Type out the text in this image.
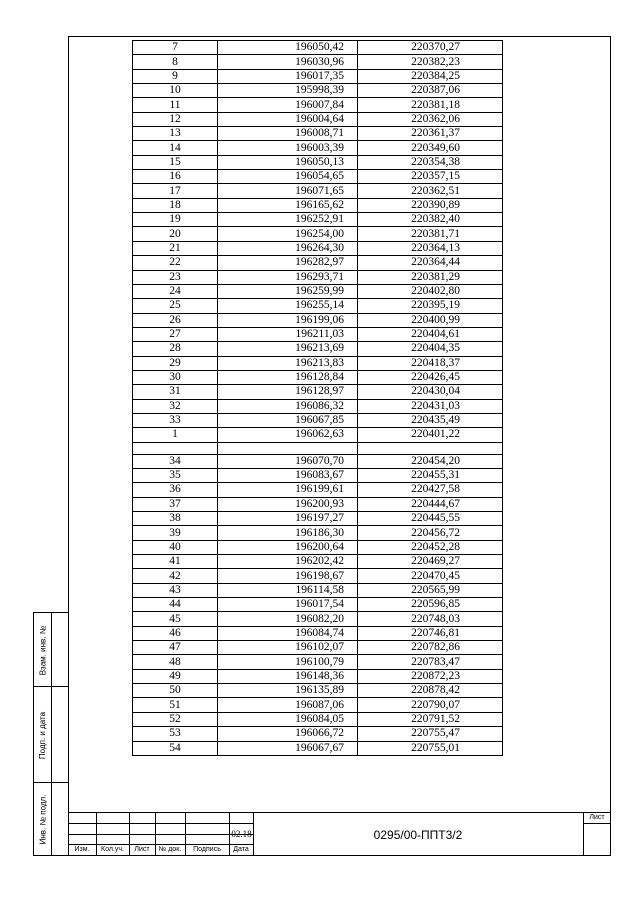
7	196050,42	220370,27
8	196030,96	220382,23
9	196017,35	220384,25
10	195998,39	220387,06
11	196007,84	220381,18
12	196004,64	220362,06
13	196008,71	220361,37
14	196003,39	220349,60
15	196050,13	220354,38
16	196054,65	220357,15
17	196071,65	220362,51
18	196165,62	220390,89
19	196252,91	220382,40
20	196254,00	220381,71
21	196264,30	220364,13
22	196282,97	220364,44
23	196293,71	220381,29
24	196259,99	220402,80
25	196255,14	220395,19
26	196199,06	220400,99
27	196211,03	220404,61
28	196213,69	220404,35
29	196213,83	220418,37
30	196128,84	220426,45
31	196128,97	220430,04
32	196086,32	220431,03
33	196067,85	220435,49
1	196062,63	220401,22

34	196070,70	220454,20
35	196083,67	220455,31
36	196199,61	220427,58
37	196200,93	220444,67
38	196197,27	220445,55
39	196186,30	220456,72
40	196200,64	220452,28
41	196202,42	220469,27
42	196198,67	220470,45
43	196114,58	220565,99
44	196017,54	220596,85
45	196082,20	220748,03
46	196084,74	220746,81
47	196102,07	220782,86
48	196100,79	220783,47
49	196148,36	220872,23
50	196135,89	220878,42
51	196087,06	220790,07
52	196084,05	220791,52
53	196066,72	220755,47
54	196067,67	220755,01
Взам. инв. №
Подп. и дата
Инв. № подл.
Изм.	Кол.уч.	Лист	№ док.	Подпись	Дата
02.18	0295/00-ППТ3/2
Лист
